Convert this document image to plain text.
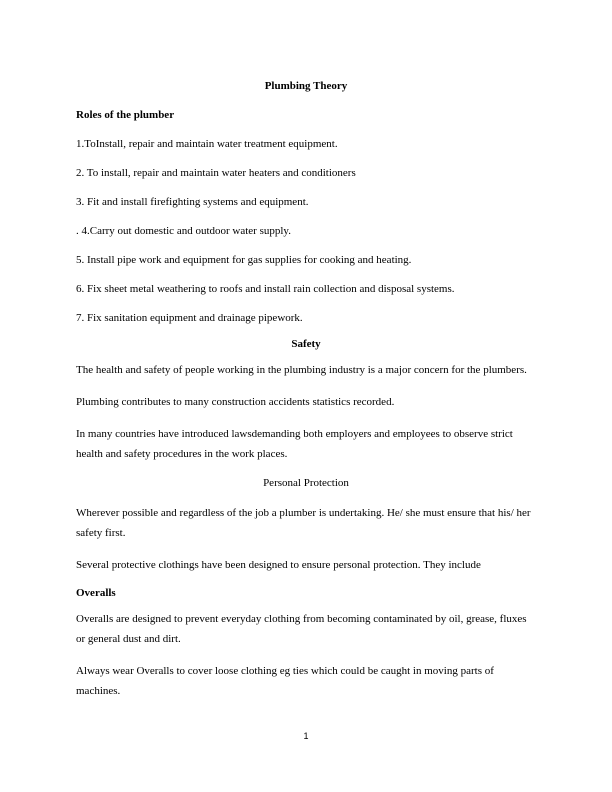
Plumbing Theory
Roles of the plumber
1.ToInstall, repair and maintain water treatment equipment.
2. To install, repair and maintain water heaters and conditioners
3. Fit and install firefighting systems and equipment.
. 4.Carry out domestic and outdoor water supply.
5. Install pipe work and equipment for gas supplies for cooking and heating.
6. Fix sheet metal weathering to roofs and install rain collection and disposal systems.
7. Fix sanitation equipment and drainage pipework.
Safety
The health and safety of people working in the plumbing industry is a major concern for the plumbers.
Plumbing contributes to many construction accidents statistics recorded.
In many countries have introduced lawsdemanding both employers and employees to observe strict health and safety procedures in the work places.
Personal Protection
Wherever possible and regardless of the job a plumber is undertaking. He/ she must ensure that his/ her safety first.
Several protective clothings have been designed to ensure personal protection. They include
Overalls
Overalls are designed to prevent everyday clothing from becoming contaminated by oil, grease, fluxes or general dust and dirt.
Always wear Overalls to cover loose clothing eg ties which could be caught in moving parts of machines.
1
